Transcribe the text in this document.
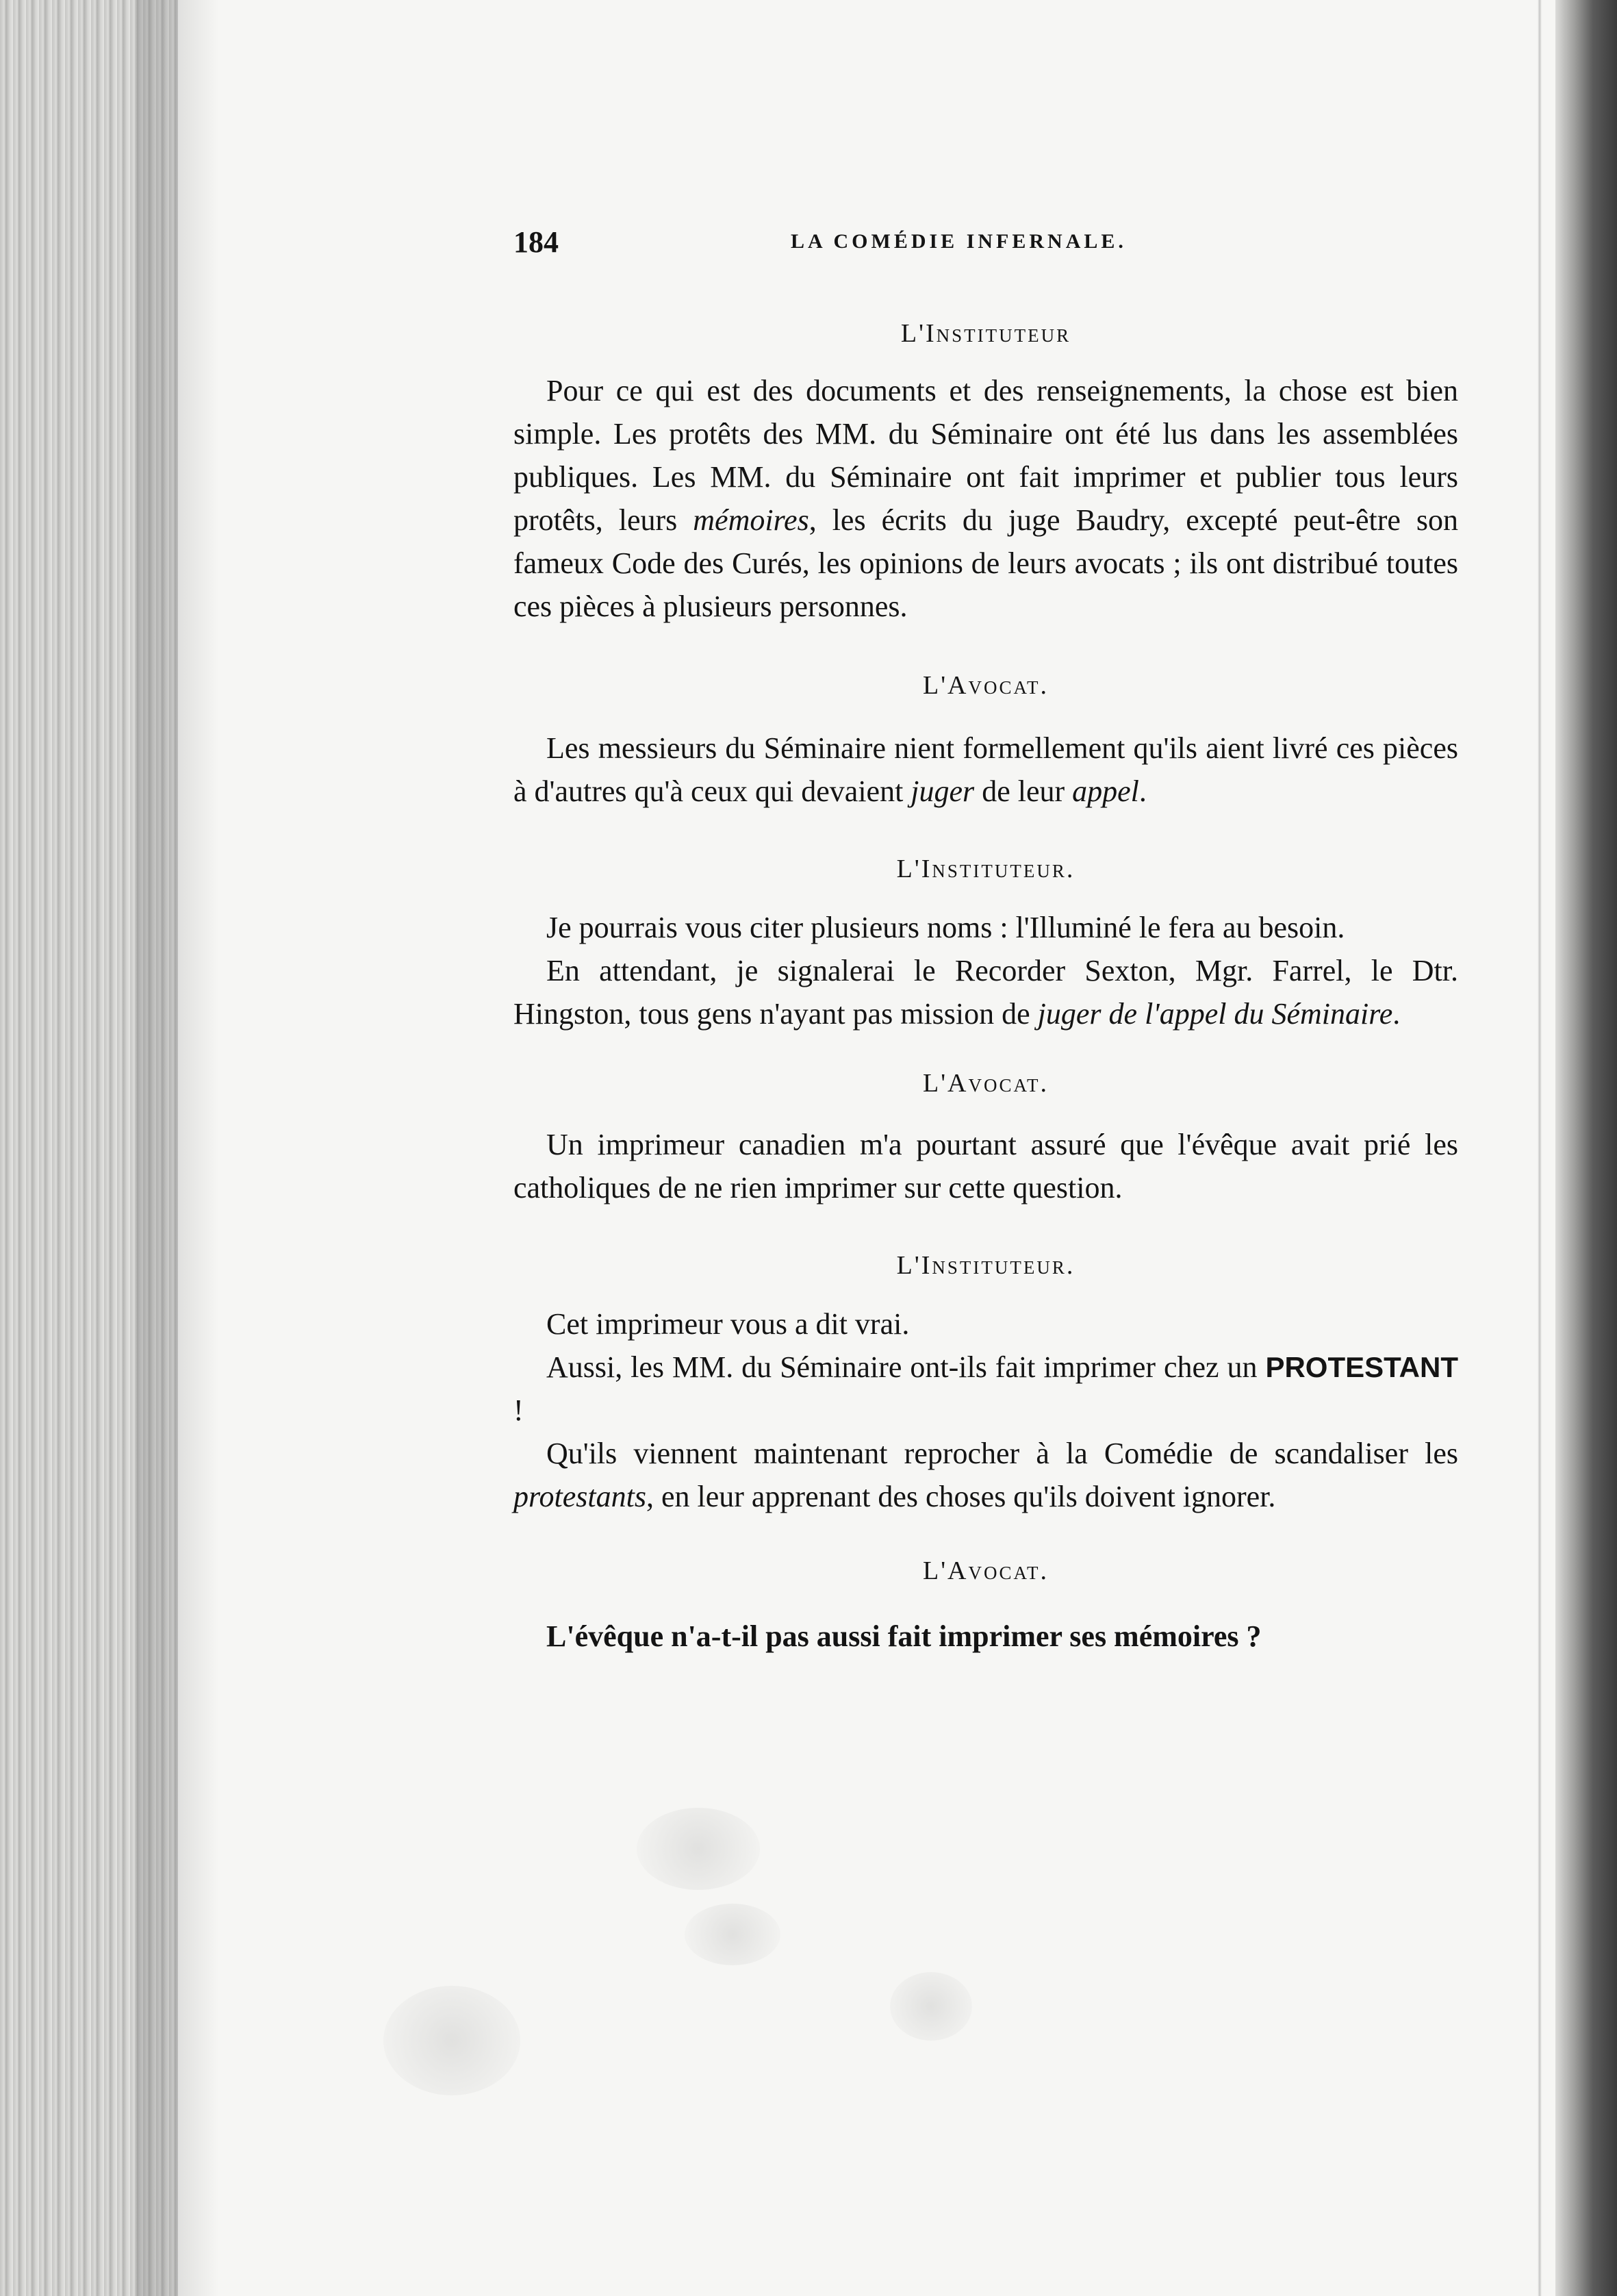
184	LA COMÉDIE INFERNALE.

L'Instituteur

Pour ce qui est des documents et des renseignements, la chose est bien simple. Les protêts des MM. du Séminaire ont été lus dans les assemblées publiques. Les MM. du Séminaire ont fait imprimer et publier tous leurs protêts, leurs mémoires, les écrits du juge Baudry, excepté peut-être son fameux Code des Curés, les opinions de leurs avocats ; ils ont distribué toutes ces pièces à plusieurs personnes.

L'Avocat.

Les messieurs du Séminaire nient formellement qu'ils aient livré ces pièces à d'autres qu'à ceux qui devaient juger de leur appel.

L'Instituteur.

Je pourrais vous citer plusieurs noms : l'Illuminé le fera au besoin.

En attendant, je signalerai le Recorder Sexton, Mgr. Farrel, le Dtr. Hingston, tous gens n'ayant pas mission de juger de l'appel du Séminaire.

L'Avocat.

Un imprimeur canadien m'a pourtant assuré que l'évêque avait prié les catholiques de ne rien imprimer sur cette question.

L'Instituteur.

Cet imprimeur vous a dit vrai.

Aussi, les MM. du Séminaire ont-ils fait imprimer chez un PROTESTANT !

Qu'ils viennent maintenant reprocher à la Comédie de scandaliser les protestants, en leur apprenant des choses qu'ils doivent ignorer.

L'Avocat.

L'évêque n'a-t-il pas aussi fait imprimer ses mémoires ?
